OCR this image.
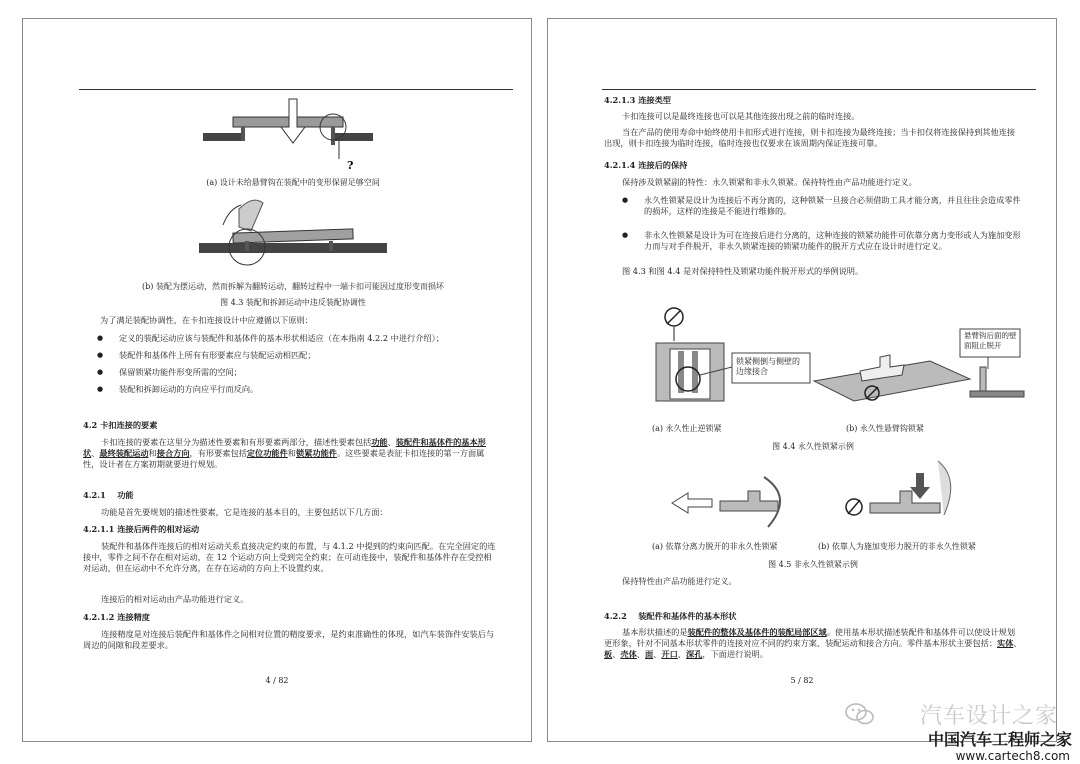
?
(a) 设计未给悬臂钩在装配中的变形保留足够空间
(b) 装配为摆运动，然而拆解为翻转运动，翻转过程中一端卡扣可能因过度形变而损坏
图 4.3 装配和拆卸运动中违反装配协调性
为了满足装配协调性，在卡扣连接设计中应遵循以下原则：
● 定义的装配运动应该与装配件和基体件的基本形状相适应（在本指南 4.2.2 中进行介绍）；
● 装配件和基体件上所有有形要素应与装配运动相匹配；
● 保留锁紧功能件形变所需的空间；
● 装配和拆卸运动的方向应平行而反向。
4.2 卡扣连接的要素
卡扣连接的要素在这里分为描述性要素和有形要素两部分，描述性要素包括功能、装配件和基体件的基本形状、最终装配运动和接合方向，有形要素包括定位功能件和锁紧功能件。这些要素是表征卡扣连接的第一方面属性，设计者在方案初期就要进行规划。
4.2.1 功能
功能是首先要规划的描述性要素，它是连接的基本目的，主要包括以下几方面：
4.2.1.1 连接后两件的相对运动
装配件和基体件连接后的相对运动关系直接决定约束的布置，与 4.1.2 中提到的约束向匹配。在完全固定的连接中，零件之间不存在相对运动，在 12 个运动方向上受到完全约束；在可动连接中，装配件和基体件存在受控相对运动，但在运动中不允许分离，在存在运动的方向上不设置约束。
连接后的相对运动由产品功能进行定义。
4.2.1.2 连接精度
连接精度是对连接后装配件和基体件之间相对位置的精度要求，是约束准确性的体现，如汽车装饰件安装后与周边的间隙和段差要求。
4 / 82
4.2.1.3 连接类型
卡扣连接可以是最终连接也可以是其他连接出现之前的临时连接。
当在产品的使用寿命中始终使用卡扣形式进行连接，则卡扣连接为最终连接；当卡扣仅将连接保持到其他连接出现，则卡扣连接为临时连接，临时连接也仅要求在该周期内保证连接可靠。
4.2.1.4 连接后的保持
保持涉及锁紧副的特性：永久锁紧和非永久锁紧。保持特性由产品功能进行定义。
● 永久性锁紧是设计为连接后不再分离的，这种锁紧一旦接合必须借助工具才能分离，并且往往会造成零件的损坏，这样的连接是不能进行维修的。
● 非永久性锁紧是设计为可在连接后进行分离的，这种连接的锁紧功能件可依靠分离力变形或人为施加变形力而与对手件脱开，非永久锁紧连接的锁紧功能件的脱开方式应在设计时进行定义。
图 4.3 和图 4.4 是对保持特性及锁紧功能件脱开形式的举例说明。
锁紧侧倒与侧壁的边缘接合
悬臂钩后面的壁面阻止脱开
(a) 永久性止逆锁紧	(b) 永久性悬臂钩锁紧
图 4.4 永久性锁紧示例
(a) 依靠分离力脱开的非永久性锁紧	(b) 依靠人为施加变形力脱开的非永久性锁紧
图 4.5 非永久性锁紧示例
保持特性由产品功能进行定义。
4.2.2 装配件和基体件的基本形状
基本形状描述的是装配件的整体及基体件的装配局部区域。使用基本形状描述装配件和基体件可以使设计规划更形象，针对不同基本形状零件的连接对应不同的约束方案、装配运动和接合方向。零件基本形状主要包括：实体、板、壳体、面、开口、深孔，下面进行说明。
5 / 82
汽车设计之家
中国汽车工程师之家
www.cartech8.com
